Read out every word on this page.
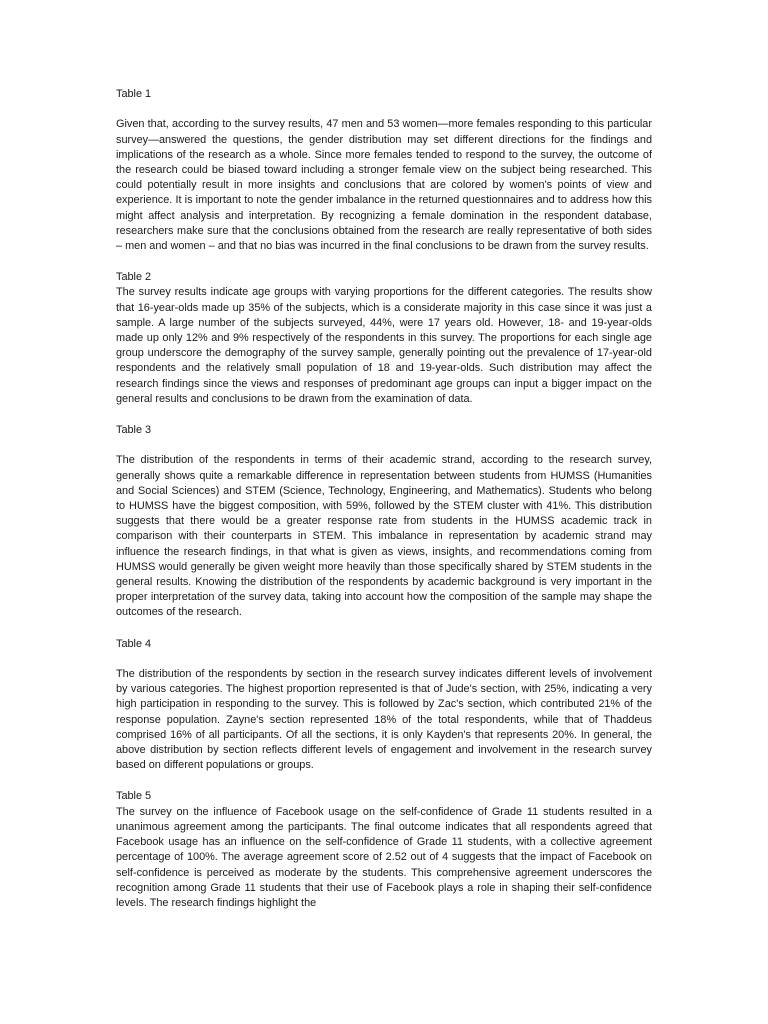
Table 1

Given that, according to the survey results, 47 men and 53 women—more females responding to this particular survey—answered the questions, the gender distribution may set different directions for the findings and implications of the research as a whole. Since more females tended to respond to the survey, the outcome of the research could be biased toward including a stronger female view on the subject being researched. This could potentially result in more insights and conclusions that are colored by women's points of view and experience. It is important to note the gender imbalance in the returned questionnaires and to address how this might affect analysis and interpretation. By recognizing a female domination in the respondent database, researchers make sure that the conclusions obtained from the research are really representative of both sides – men and women – and that no bias was incurred in the final conclusions to be drawn from the survey results.

Table 2

The survey results indicate age groups with varying proportions for the different categories. The results show that 16-year-olds made up 35% of the subjects, which is a considerate majority in this case since it was just a sample. A large number of the subjects surveyed, 44%, were 17 years old. However, 18- and 19-year-olds made up only 12% and 9% respectively of the respondents in this survey. The proportions for each single age group underscore the demography of the survey sample, generally pointing out the prevalence of 17-year-old respondents and the relatively small population of 18 and 19-year-olds. Such distribution may affect the research findings since the views and responses of predominant age groups can input a bigger impact on the general results and conclusions to be drawn from the examination of data.

Table 3

The distribution of the respondents in terms of their academic strand, according to the research survey, generally shows quite a remarkable difference in representation between students from HUMSS (Humanities and Social Sciences) and STEM (Science, Technology, Engineering, and Mathematics). Students who belong to HUMSS have the biggest composition, with 59%, followed by the STEM cluster with 41%. This distribution suggests that there would be a greater response rate from students in the HUMSS academic track in comparison with their counterparts in STEM. This imbalance in representation by academic strand may influence the research findings, in that what is given as views, insights, and recommendations coming from HUMSS would generally be given weight more heavily than those specifically shared by STEM students in the general results. Knowing the distribution of the respondents by academic background is very important in the proper interpretation of the survey data, taking into account how the composition of the sample may shape the outcomes of the research.

Table 4

The distribution of the respondents by section in the research survey indicates different levels of involvement by various categories. The highest proportion represented is that of Jude's section, with 25%, indicating a very high participation in responding to the survey. This is followed by Zac's section, which contributed 21% of the response population. Zayne's section represented 18% of the total respondents, while that of Thaddeus comprised 16% of all participants. Of all the sections, it is only Kayden's that represents 20%. In general, the above distribution by section reflects different levels of engagement and involvement in the research survey based on different populations or groups.

Table 5

The survey on the influence of Facebook usage on the self-confidence of Grade 11 students resulted in a unanimous agreement among the participants. The final outcome indicates that all respondents agreed that Facebook usage has an influence on the self-confidence of Grade 11 students, with a collective agreement percentage of 100%. The average agreement score of 2.52 out of 4 suggests that the impact of Facebook on self-confidence is perceived as moderate by the students. This comprehensive agreement underscores the recognition among Grade 11 students that their use of Facebook plays a role in shaping their self-confidence levels. The research findings highlight the
